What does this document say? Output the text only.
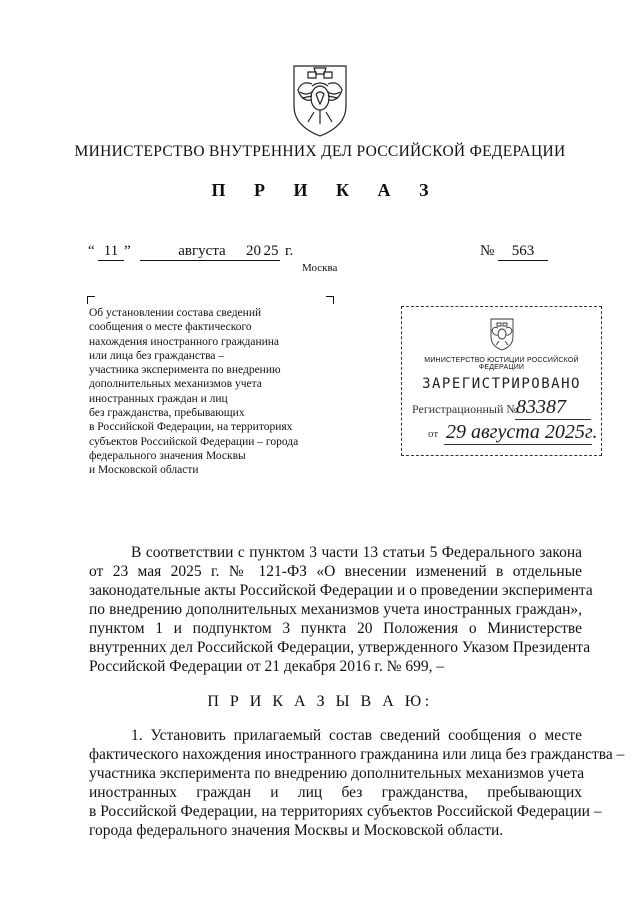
МИНИСТЕРСТВО ВНУТРЕННИХ ДЕЛ РОССИЙСКОЙ ФЕДЕРАЦИИ
П Р И К А З
“ 11 ”	августа	20 25 г.	№	563
Москва
Об установлении состава сведений
сообщения о месте фактического
нахождения иностранного гражданина
или лица без гражданства –
участника эксперимента по внедрению
дополнительных механизмов учета
иностранных граждан и лиц
без гражданства, пребывающих
в Российской Федерации, на территориях
субъектов Российской Федерации – города
федерального значения Москвы
и Московской области
МИНИСТЕРСТВО ЮСТИЦИИ РОССИЙСКОЙ ФЕДЕРАЦИИ
ЗАРЕГИСТРИРОВАНО
Регистрационный №
83387
от 29 августа 2025г.
В соответствии с пунктом 3 части 13 статьи 5 Федерального закона
от 23 мая 2025 г. № 121-ФЗ «О внесении изменений в отдельные
законодательные акты Российской Федерации и о проведении эксперимента
по внедрению дополнительных механизмов учета иностранных граждан»,
пунктом 1 и подпунктом 3 пункта 20 Положения о Министерстве
внутренних дел Российской Федерации, утвержденного Указом Президента
Российской Федерации от 21 декабря 2016 г. № 699, –
П Р И К А З Ы В А Ю:
1. Установить прилагаемый состав сведений сообщения о месте
фактического нахождения иностранного гражданина или лица без гражданства –
участника эксперимента по внедрению дополнительных механизмов учета
иностранных граждан и лиц без гражданства, пребывающих
в Российской Федерации, на территориях субъектов Российской Федерации –
города федерального значения Москвы и Московской области.
